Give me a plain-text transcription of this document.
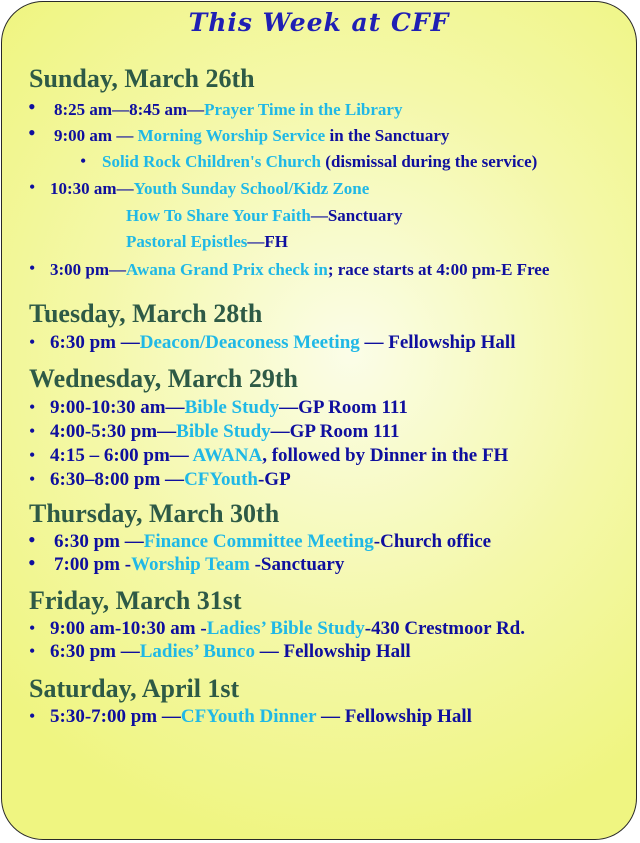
This Week at CFF
Sunday, March 26th
• 8:25 am—8:45 am—Prayer Time in the Library
• 9:00 am — Morning Worship Service in the Sanctuary
• Solid Rock Children's Church (dismissal during the service)
• 10:30 am—Youth Sunday School/Kidz Zone
How To Share Your Faith—Sanctuary
Pastoral Epistles—FH
• 3:00 pm—Awana Grand Prix check in; race starts at 4:00 pm-E Free
Tuesday, March 28th
• 6:30 pm —Deacon/Deaconess Meeting — Fellowship Hall
Wednesday, March 29th
• 9:00-10:30 am—Bible Study—GP Room 111
• 4:00-5:30 pm—Bible Study—GP Room 111
• 4:15 – 6:00 pm— AWANA, followed by Dinner in the FH
• 6:30–8:00 pm —CFYouth-GP
Thursday, March 30th
• 6:30 pm —Finance Committee Meeting-Church office
• 7:00 pm -Worship Team -Sanctuary
Friday, March 31st
• 9:00 am-10:30 am -Ladies’ Bible Study-430 Crestmoor Rd.
• 6:30 pm —Ladies’ Bunco — Fellowship Hall
Saturday, April 1st
• 5:30-7:00 pm —CFYouth Dinner — Fellowship Hall
